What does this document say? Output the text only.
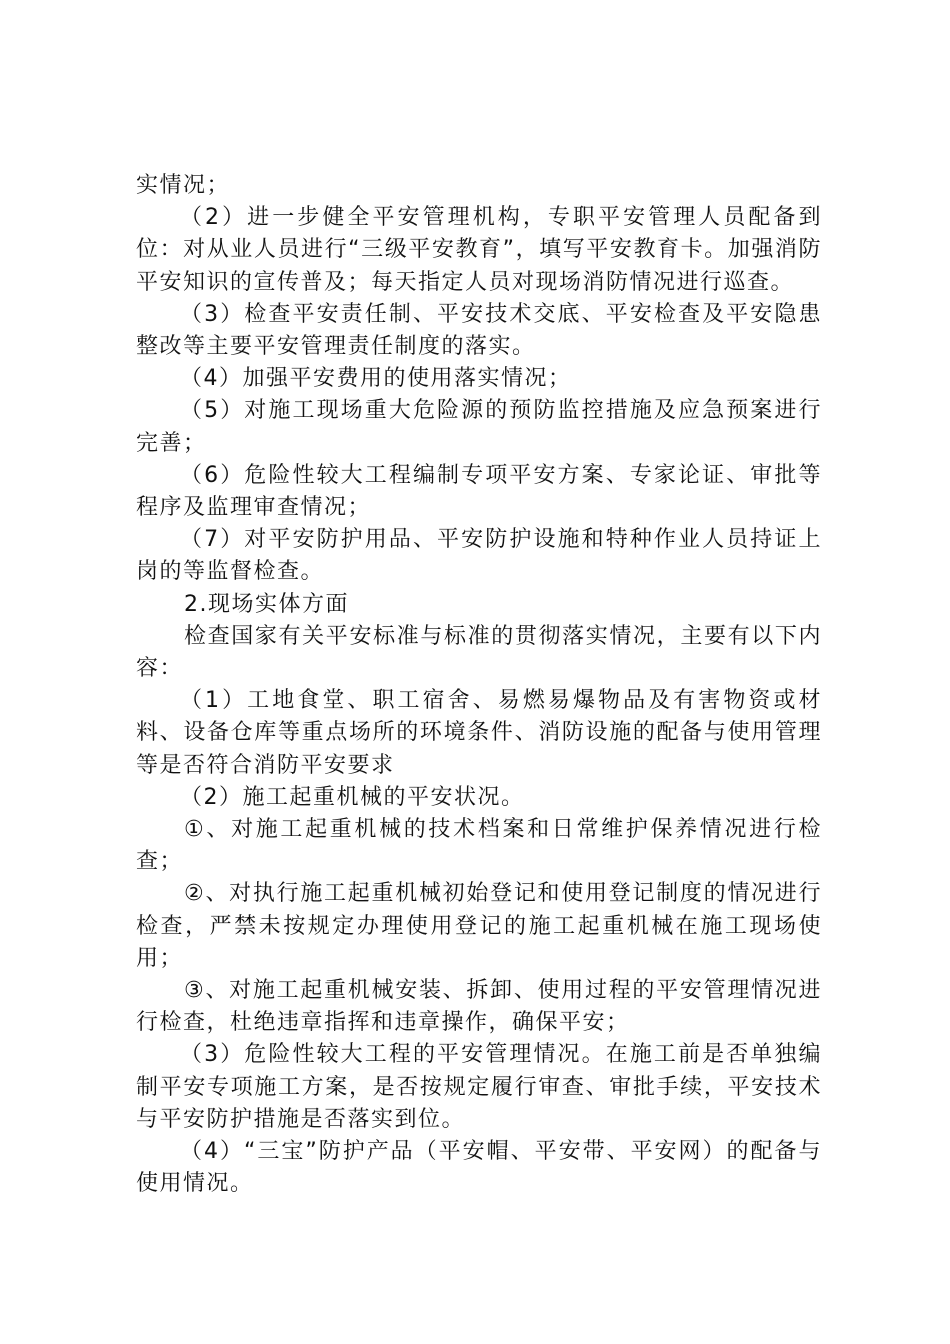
实情况；

（2）进一步健全平安管理机构，专职平安管理人员配备到位：对从业人员进行“三级平安教育”，填写平安教育卡。加强消防平安知识的宣传普及；每天指定人员对现场消防情况进行巡查。

（3）检查平安责任制、平安技术交底、平安检查及平安隐患整改等主要平安管理责任制度的落实。

（4）加强平安费用的使用落实情况；

（5）对施工现场重大危险源的预防监控措施及应急预案进行完善；

（6）危险性较大工程编制专项平安方案、专家论证、审批等程序及监理审查情况；

（7）对平安防护用品、平安防护设施和特种作业人员持证上岗的等监督检查。

2.现场实体方面

检查国家有关平安标准与标准的贯彻落实情况，主要有以下内容：

（1）工地食堂、职工宿舍、易燃易爆物品及有害物资或材料、设备仓库等重点场所的环境条件、消防设施的配备与使用管理等是否符合消防平安要求

（2）施工起重机械的平安状况。

①、对施工起重机械的技术档案和日常维护保养情况进行检查；

②、对执行施工起重机械初始登记和使用登记制度的情况进行检查，严禁未按规定办理使用登记的施工起重机械在施工现场使用；

③、对施工起重机械安装、拆卸、使用过程的平安管理情况进行检查，杜绝违章指挥和违章操作，确保平安；

（3）危险性较大工程的平安管理情况。在施工前是否单独编制平安专项施工方案，是否按规定履行审查、审批手续，平安技术与平安防护措施是否落实到位。

（4）“三宝”防护产品（平安帽、平安带、平安网）的配备与使用情况。
